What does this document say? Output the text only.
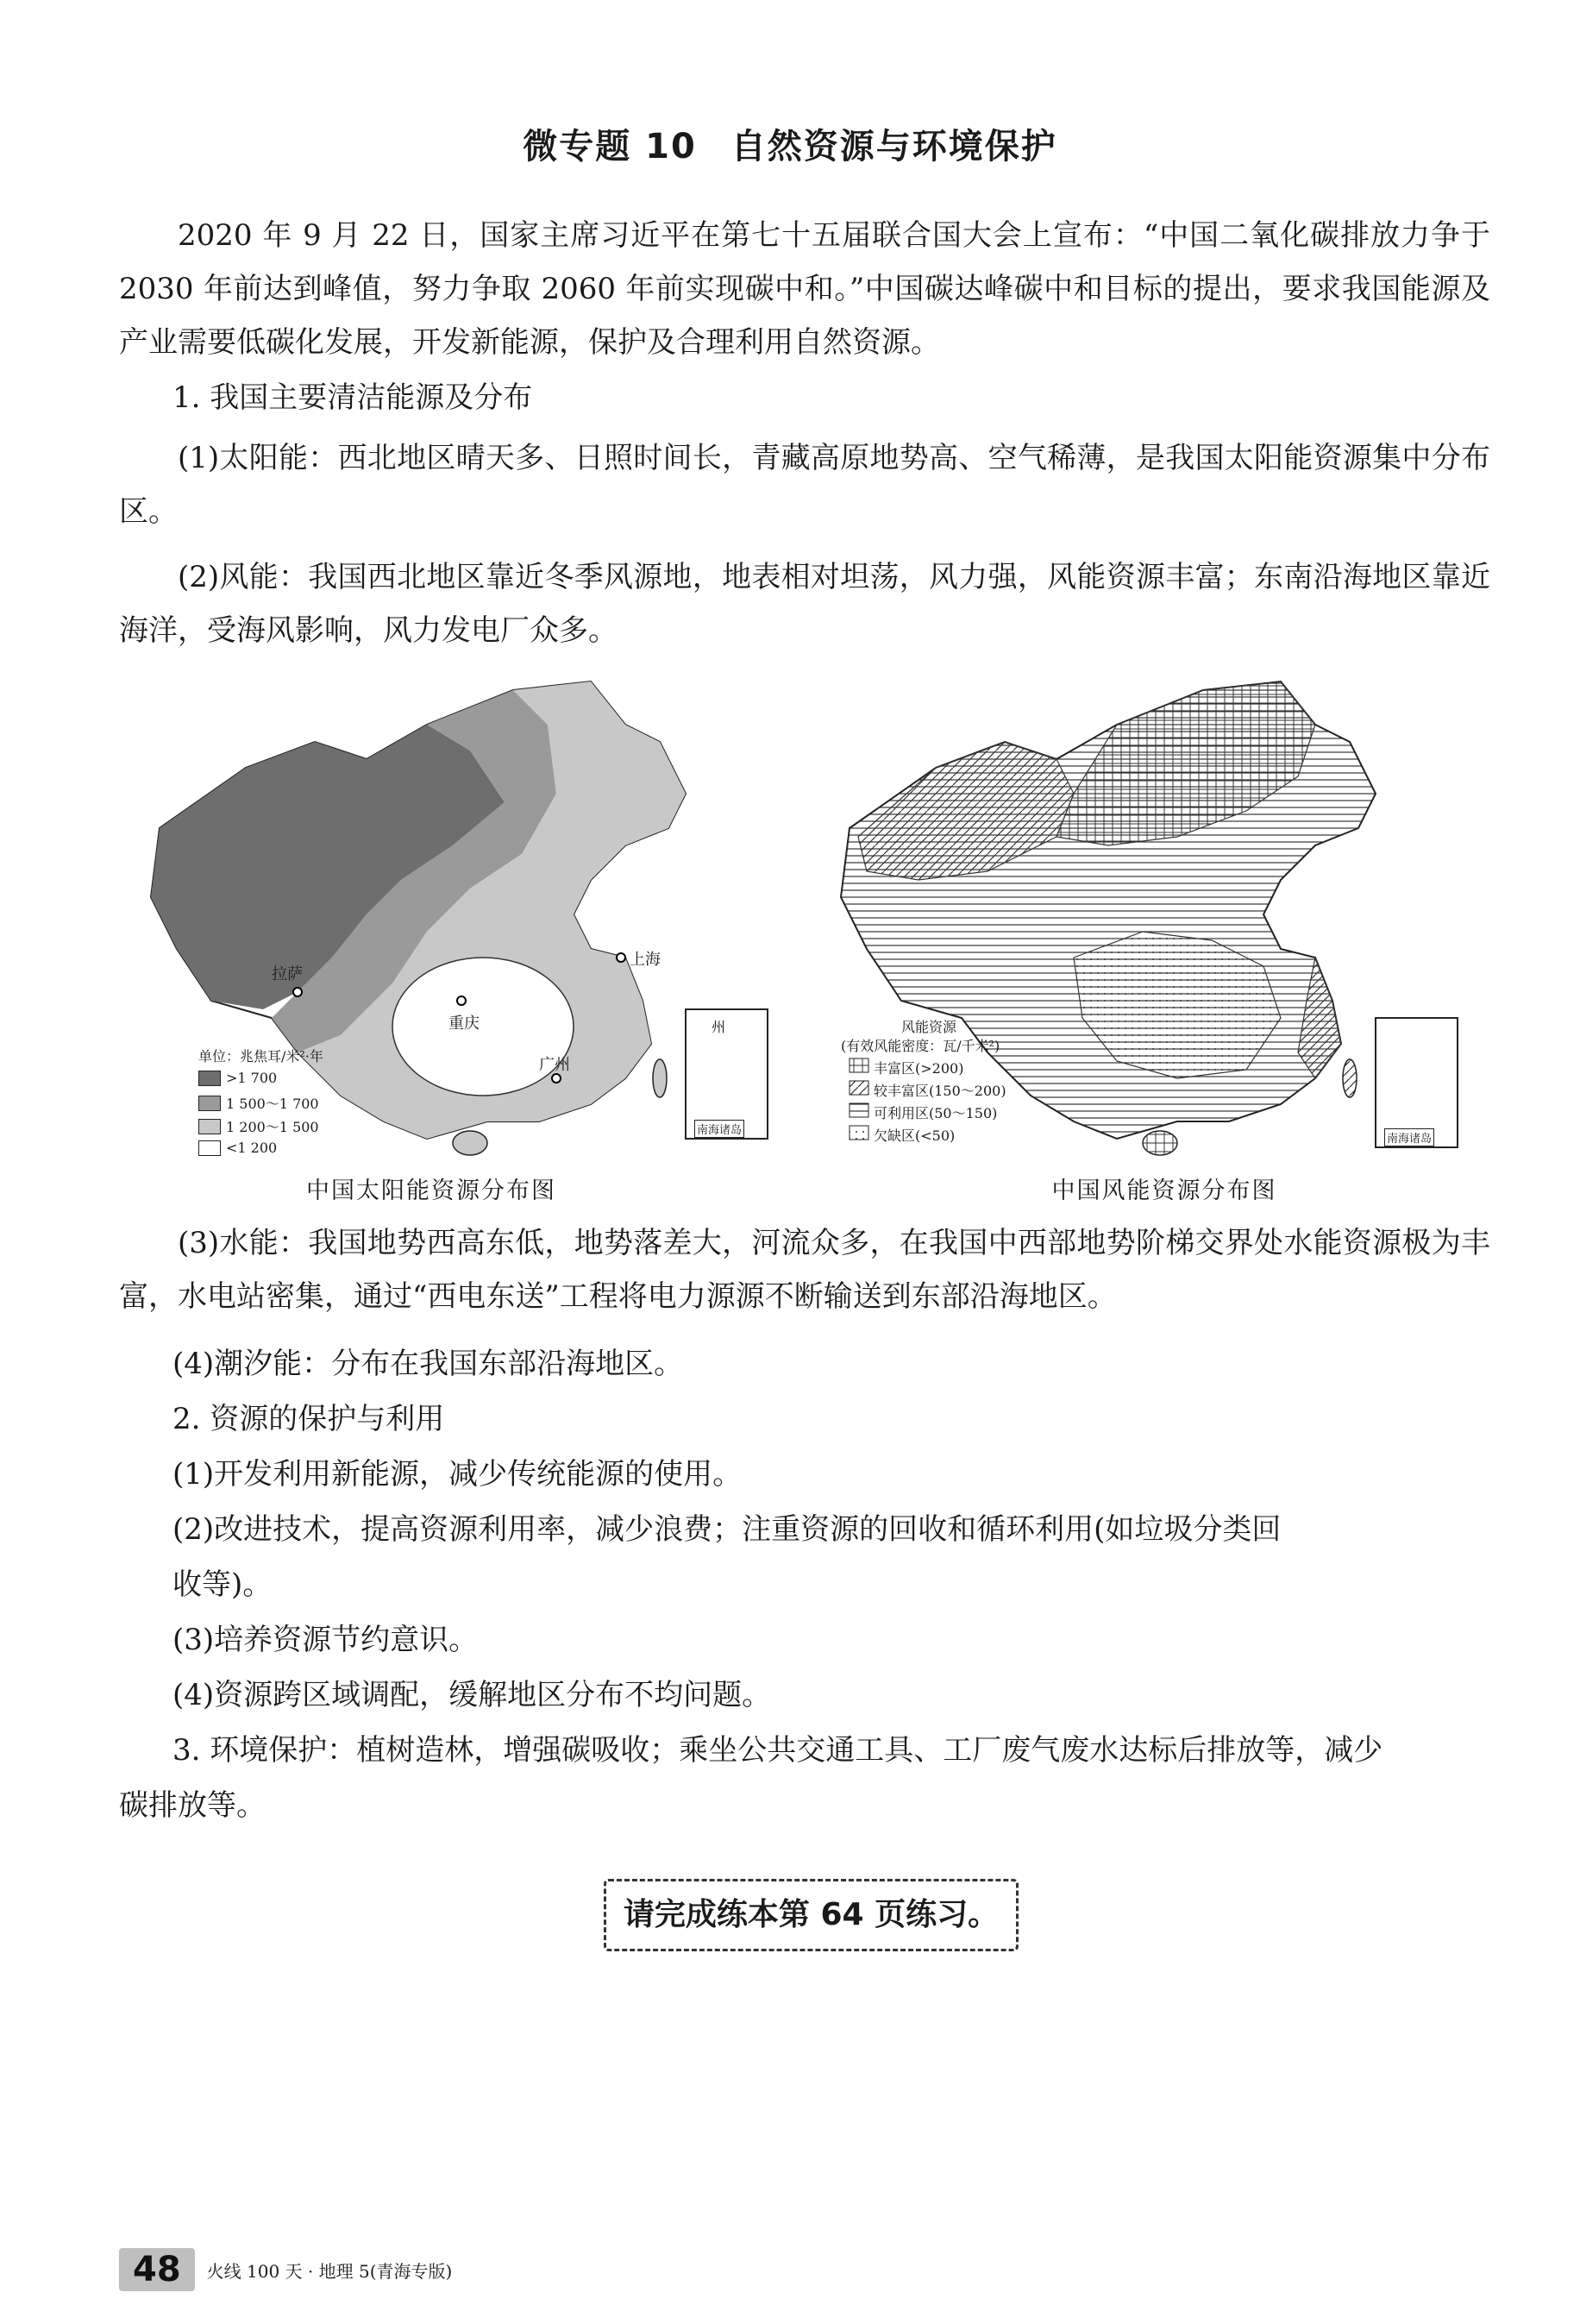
微专题 10 自然资源与环境保护
2020 年 9 月 22 日，国家主席习近平在第七十五届联合国大会上宣布：“中国二氧化碳排放力争于 2030 年前达到峰值，努力争取 2060 年前实现碳中和。”中国碳达峰碳中和目标的提出，要求我国能源及产业需要低碳化发展，开发新能源，保护及合理利用自然资源。
1. 我国主要清洁能源及分布
(1)太阳能：西北地区晴天多、日照时间长，青藏高原地势高、空气稀薄，是我国太阳能资源集中分布区。
(2)风能：我国西北地区靠近冬季风源地，地表相对坦荡，风力强，风能资源丰富；东南沿海地区靠近海洋，受海风影响，风力发电厂众多。
拉萨
重庆
上海
广州
州
南海诸岛
单位：兆焦耳/米²·年
>1 700
1 500～1 700
1 200～1 500
<1 200
中国太阳能资源分布图
南海诸岛
风能资源
(有效风能密度：瓦/千米²)
丰富区(>200)
较丰富区(150～200)
可利用区(50～150)
欠缺区(<50)
中国风能资源分布图
(3)水能：我国地势西高东低，地势落差大，河流众多，在我国中西部地势阶梯交界处水能资源极为丰富，水电站密集，通过“西电东送”工程将电力源源不断输送到东部沿海地区。
(4)潮汐能：分布在我国东部沿海地区。
2. 资源的保护与利用
(1)开发利用新能源，减少传统能源的使用。
(2)改进技术，提高资源利用率，减少浪费；注重资源的回收和循环利用(如垃圾分类回
收等)。
(3)培养资源节约意识。
(4)资源跨区域调配，缓解地区分布不均问题。
3. 环境保护：植树造林，增强碳吸收；乘坐公共交通工具、工厂废气废水达标后排放等，减少
碳排放等。
请完成练本第 64 页练习。
48	火线 100 天 · 地理 5(青海专版)
